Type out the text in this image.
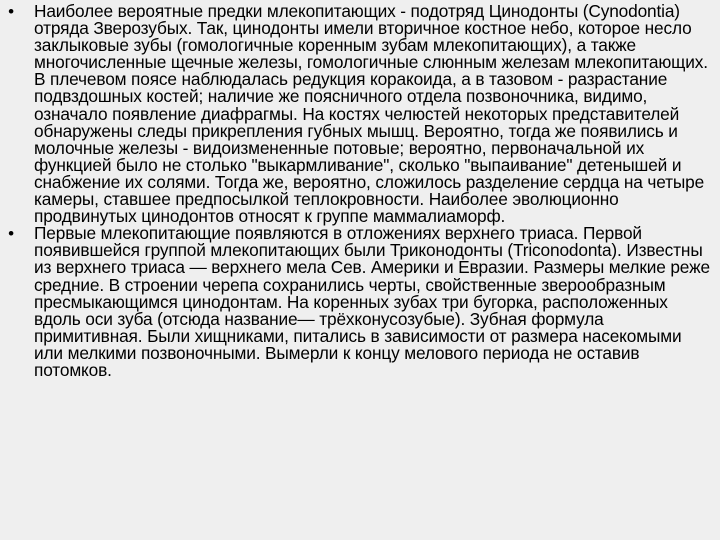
• Наиболее вероятные предки млекопитающих - подотряд Цинодонты (Cynodontia) отряда Зверозубых. Так, цинодонты имели вторичное костное небо, которое несло заклыковые зубы (гомологичные коренным зубам млекопитающих), а также многочисленные щечные железы, гомологичные слюнным железам млекопитающих. В плечевом поясе наблюдалась редукция коракоида, а в тазовом - разрастание подвздошных костей; наличие же поясничного отдела позвоночника, видимо, означало появление диафрагмы. На костях челюстей некоторых представителей обнаружены следы прикрепления губных мышц. Вероятно, тогда же появились и молочные железы - видоизмененные потовые; вероятно, первоначальной их функцией было не столько "выкармливание", сколько "выпаивание" детенышей и снабжение их солями. Тогда же, вероятно, сложилось разделение сердца на четыре камеры, ставшее предпосылкой теплокровности. Наиболее эволюционно продвинутых цинодонтов относят к группе маммалиаморф.
• Первые млекопитающие появляются в отложениях верхнего триаса. Первой появившейся группой млекопитающих были Триконодонты (Triconodonta). Известны из верхнего триаса — верхнего мела Сев. Америки и Евразии. Размеры мелкие реже средние. В строении черепа сохранились черты, свойственные зверообразным пресмыкающимся цинодонтам. На коренных зубах три бугорка, расположенных вдоль оси зуба (отсюда название— трёхконусозубые). Зубная формула примитивная. Были хищниками, питались в зависимости от размера насекомыми или мелкими позвоночными. Вымерли к концу мелового периода не оставив потомков.
